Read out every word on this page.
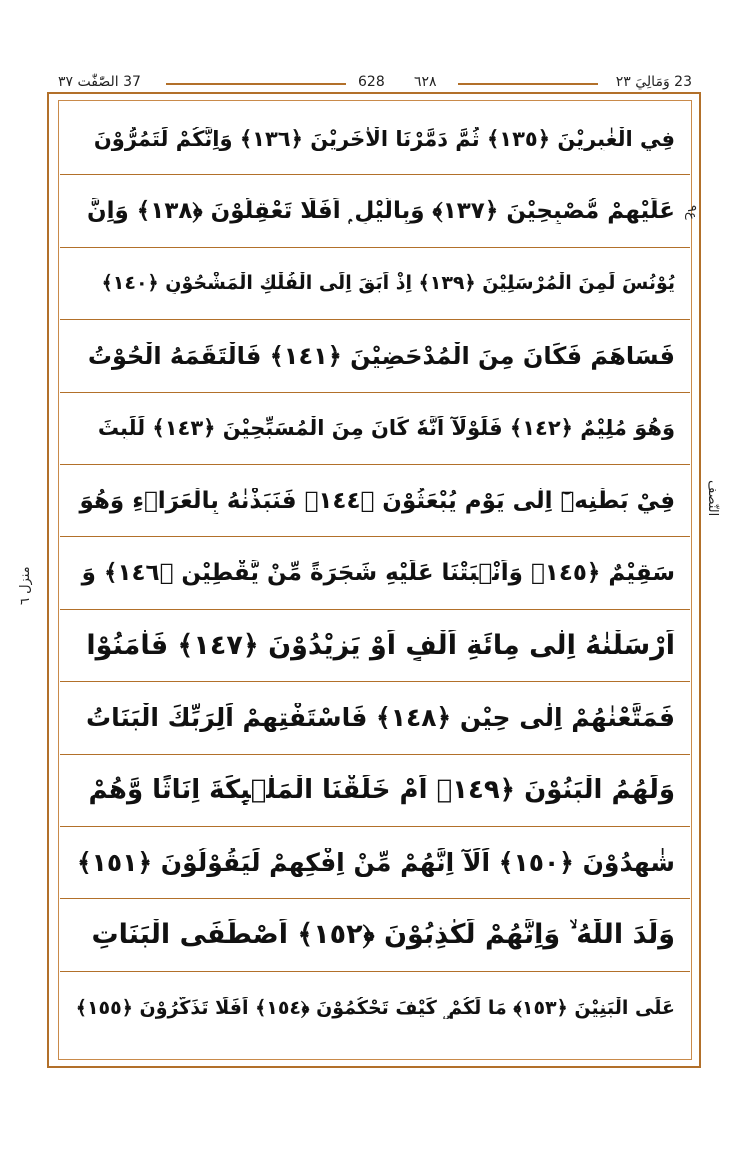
37 الصّٰفّٰت ٣٧	٦٢٨
628	23 وَمَالِيَ ٢٣
فِي الْغٰبِرِيْنَ ﴿١٣٥﴾ ثُمَّ دَمَّرْنَا الْاٰخَرِيْنَ ﴿١٣٦﴾ وَاِنَّكُمْ لَتَمُرُّوْنَ
عَلَيْهِمْ مُّصْبِحِيْنَ ﴿١٣٧﴾ وَبِالَّيْلِ ۭ اَفَلَا تَعْقِلُوْنَ ﴿١٣٨﴾ وَاِنَّ
يُوْنُسَ لَمِنَ الْمُرْسَلِيْنَ ﴿١٣٩﴾ اِذْ اَبَقَ اِلَى الْفُلْكِ الْمَشْحُوْنِ ﴿١٤٠﴾
فَسَاهَمَ فَكَانَ مِنَ الْمُدْحَضِيْنَ ﴿١٤١﴾ فَالْتَقَمَهُ الْحُوْتُ
وَهُوَ مُلِيْمٌ ﴿١٤٢﴾ فَلَوْلَآ اَنَّهٗ كَانَ مِنَ الْمُسَبِّحِيْنَ ﴿١٤٣﴾ لَلَبِثَ
فِيْ بَطْنِهٖٓ اِلٰى يَوْمِ يُبْعَثُوْنَ ﴿١٤٤﴾ فَنَبَذْنٰهُ بِالْعَرَاۗءِ وَهُوَ
سَقِيْمٌ ﴿١٤٥﴾ وَاَنْۢبَتْنَا عَلَيْهِ شَجَرَةً مِّنْ يَّقْطِيْنٍ ﴿١٤٦﴾ وَ
اَرْسَلْنٰهُ اِلٰى مِائَةِ اَلْفٍ اَوْ يَزِيْدُوْنَ ﴿١٤٧﴾ فَاٰمَنُوْا
فَمَتَّعْنٰهُمْ اِلٰى حِيْنٍ ﴿١٤٨﴾ فَاسْتَفْتِهِمْ اَلِرَبِّكَ الْبَنَاتُ
وَلَهُمُ الْبَنُوْنَ ﴿١٤٩﴾ اَمْ خَلَقْنَا الْمَلٰۗىِٕكَةَ اِنَاثًا وَّهُمْ
شٰهِدُوْنَ ﴿١٥٠﴾ اَلَآ اِنَّهُمْ مِّنْ اِفْكِهِمْ لَيَقُوْلُوْنَ ﴿١٥١﴾
وَلَدَ اللّٰهُ ۙ وَاِنَّهُمْ لَكٰذِبُوْنَ ﴿١٥٢﴾ اَصْطَفَى الْبَنَاتِ
عَلَى الْبَنِيْنَ ﴿١٥٣﴾ مَا لَكُمْ ۣ كَيْفَ تَحْكُمُوْنَ ﴿١٥٤﴾ اَفَلَا تَذَكَّرُوْنَ ﴿١٥٥﴾
ع٩
النّصف
منزل ٦
